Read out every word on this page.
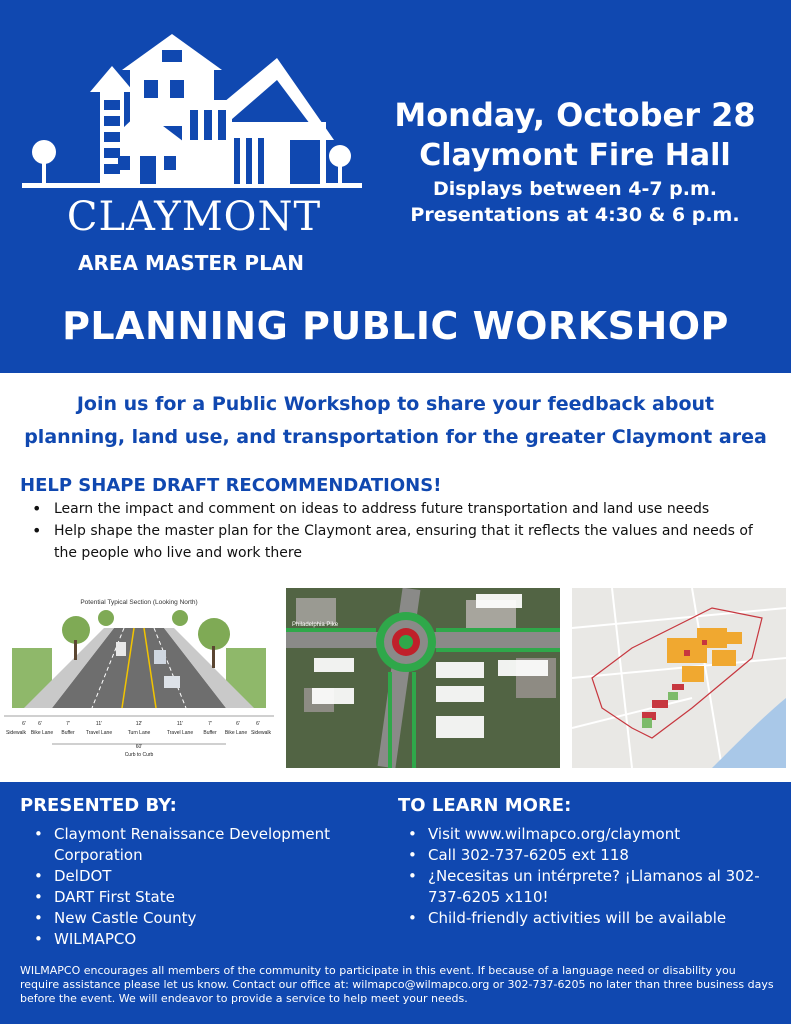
CLAYMONT
AREA MASTER PLAN
Monday, October 28
Claymont Fire Hall
Displays between 4-7 p.m.
Presentations at 4:30 & 6 p.m.
PLANNING PUBLIC WORKSHOP
Join us for a Public Workshop to share your feedback about
planning, land use, and transportation for the greater Claymont area
HELP SHAPE DRAFT RECOMMENDATIONS!
• Learn the impact and comment on ideas to address future transportation and land use needs
• Help shape the master plan for the Claymont area, ensuring that it reflects the values and needs of the people who live and work there
Potential Typical Section (Looking North)
6' 6'	7'	11'	12'	11'	7'	6'	6'
Sidewalk Bike Lane Buffer Travel Lane	Turn Lane	Travel Lane Buffer Bike Lane Sidewalk
60'
Curb to Curb
Philadelphia Pike
PRESENTED BY:
• Claymont Renaissance Development Corporation
• DelDOT
• DART First State
• New Castle County
• WILMAPCO
TO LEARN MORE:
• Visit www.wilmapco.org/claymont
• Call 302-737-6205 ext 118
• ¿Necesitas un intérprete? ¡Llamanos al 302-737-6205 x110!
• Child-friendly activities will be available
WILMAPCO encourages all members of the community to participate in this event. If because of a language need or disability you require assistance please let us know. Contact our office at: wilmapco@wilmapco.org or 302-737-6205 no later than three business days before the event. We will endeavor to provide a service to help meet your needs.
